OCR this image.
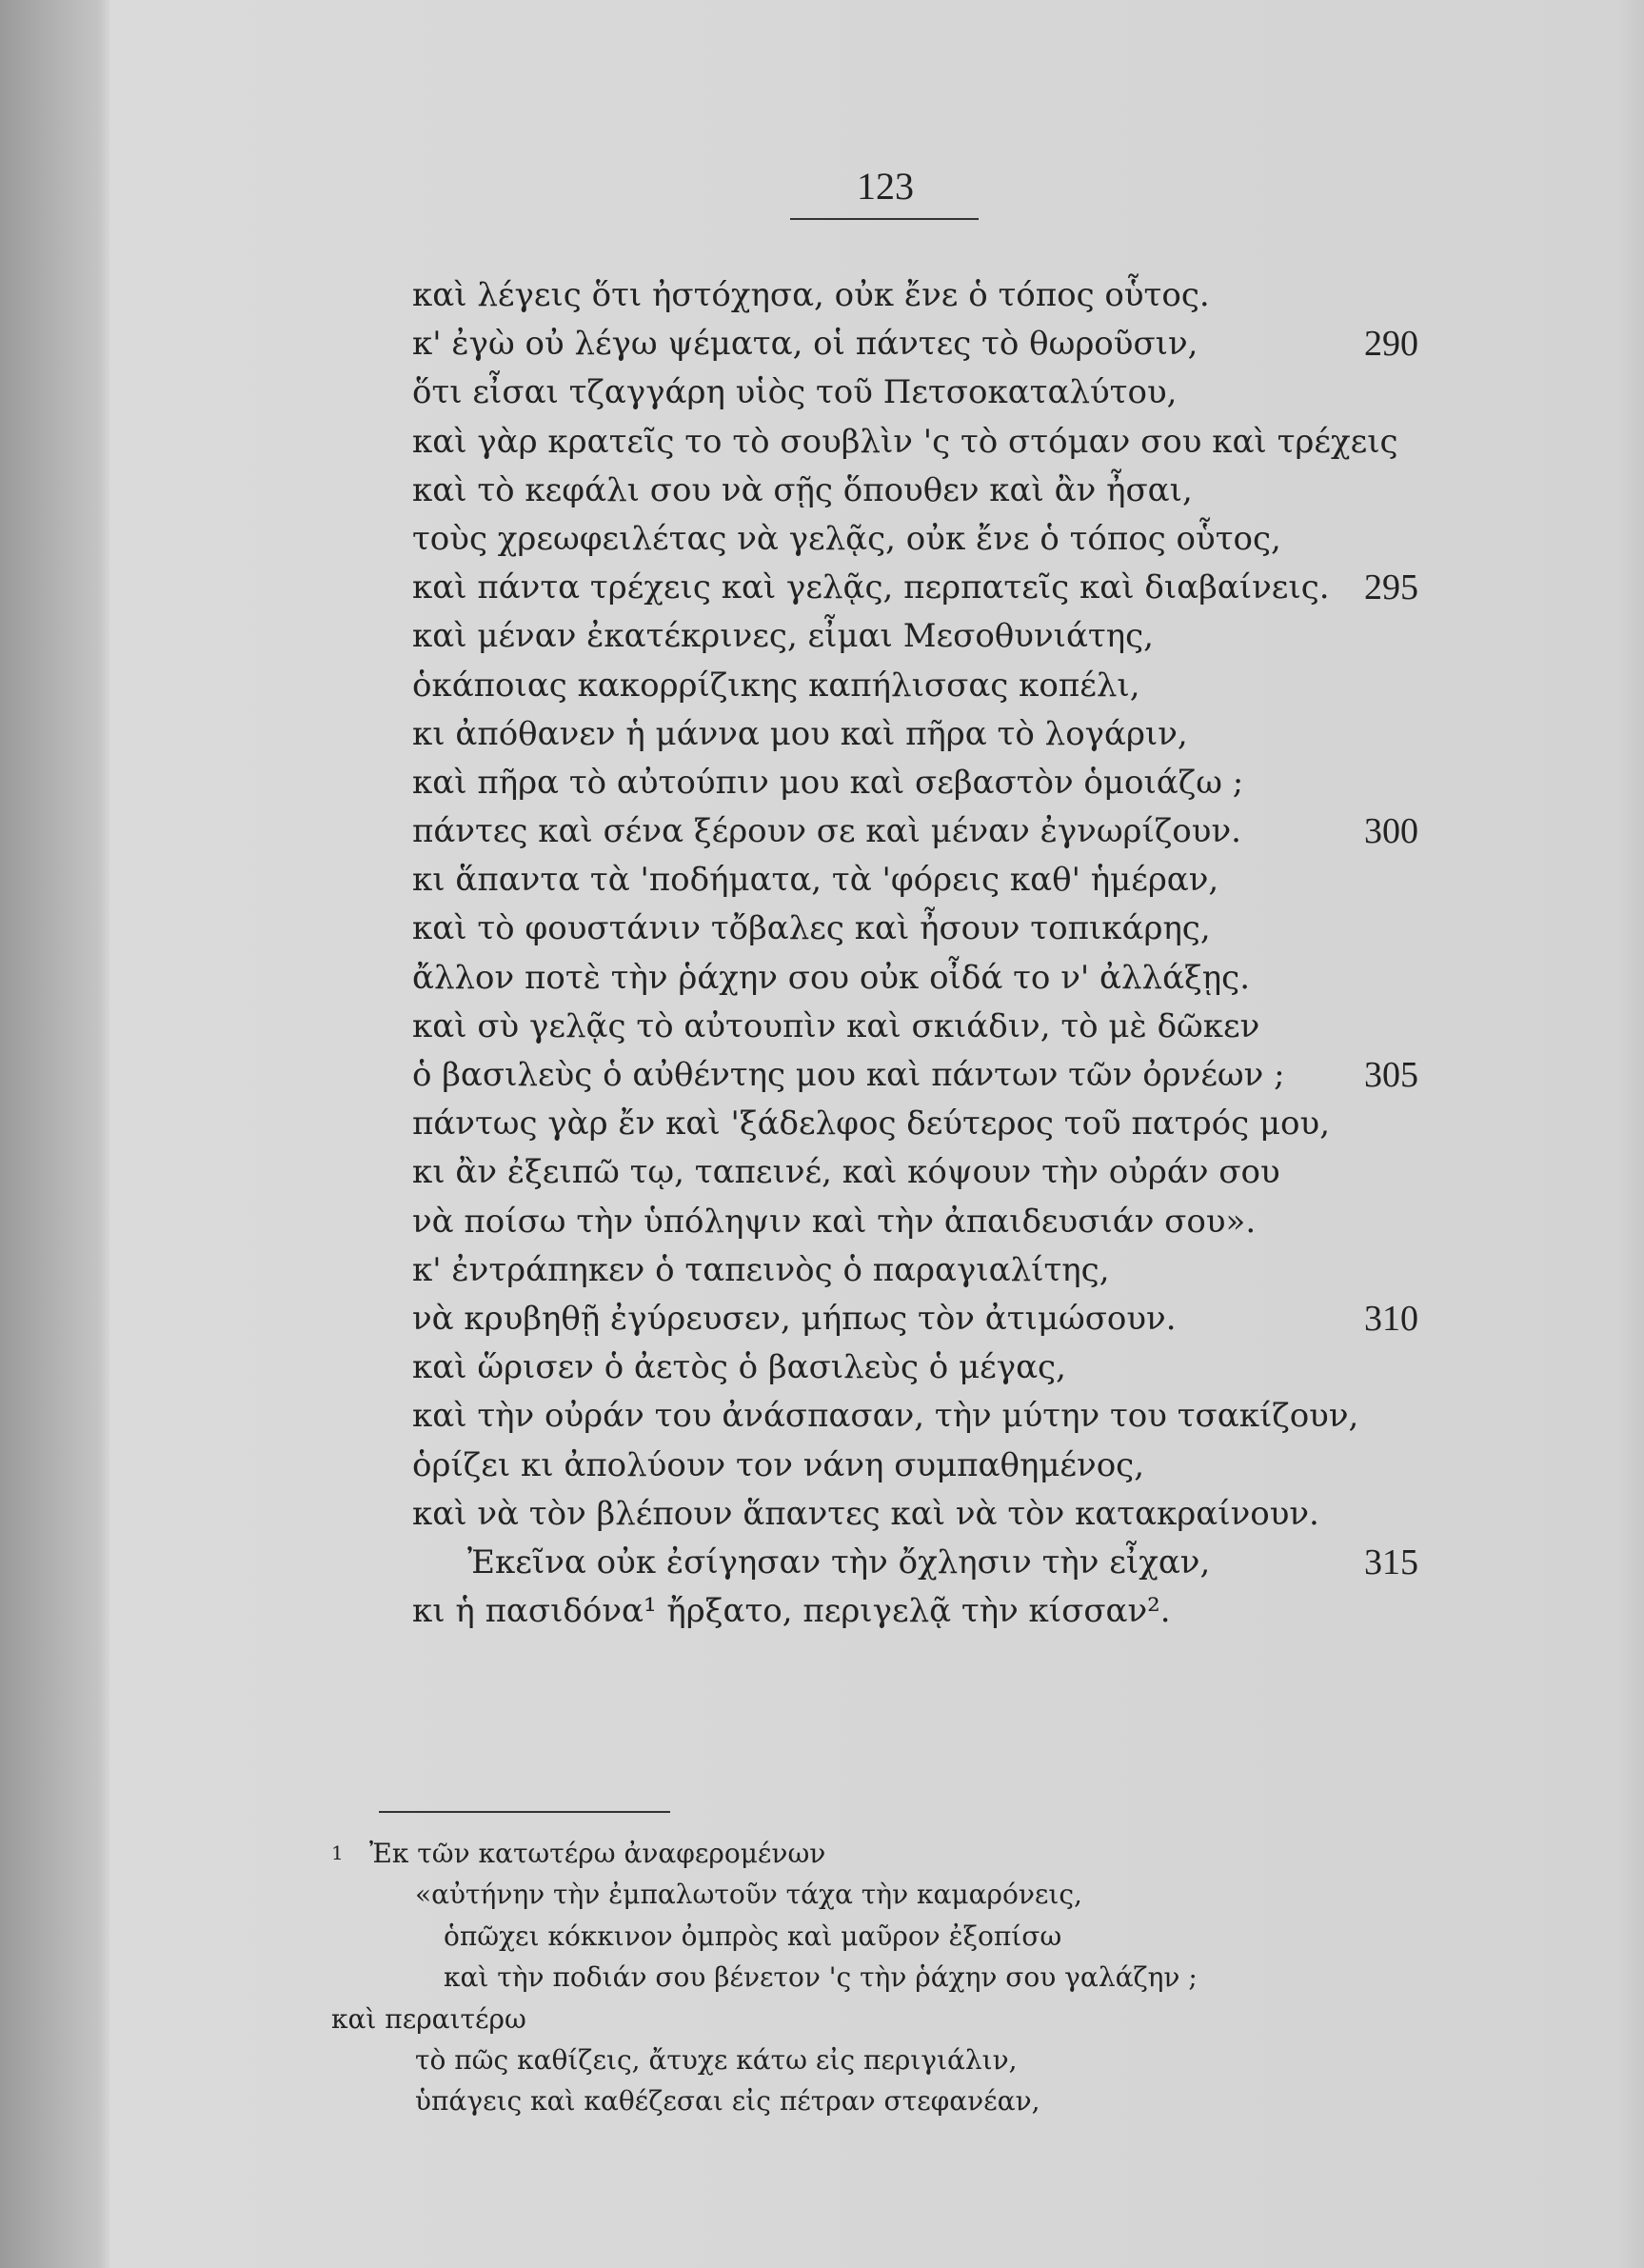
123
καὶ λέγεις ὅτι ἠστόχησα, οὐκ ἔνε ὁ τόπος οὗτος.
κ' ἐγὼ οὐ λέγω ψέματα, οἱ πάντες τὸ θωροῦσιν,	290
ὅτι εἶσαι τζαγγάρη υἱὸς τοῦ Πετσοκαταλύτου,
καὶ γὰρ κρατεῖς το τὸ σουβλὶν 'ς τὸ στόμαν σου καὶ τρέχεις
καὶ τὸ κεφάλι σου νὰ σῇς ὅπουθεν καὶ ἂν ἦσαι,
τοὺς χρεωφειλέτας νὰ γελᾷς, οὐκ ἔνε ὁ τόπος οὗτος,
καὶ πάντα τρέχεις καὶ γελᾷς, περπατεῖς καὶ διαβαίνεις. 295
καὶ μέναν ἐκατέκρινες, εἶμαι Μεσοθυνιάτης,
ὁκάποιας κακορρίζικης καπήλισσας κοπέλι,
κι ἀπόθανεν ἡ μάννα μου καὶ πῆρα τὸ λογάριν,
καὶ πῆρα τὸ αὐτούπιν μου καὶ σεβαστὸν ὁμοιάζω ;
πάντες καὶ σένα ξέρουν σε καὶ μέναν ἐγνωρίζουν.	300
κι ἅπαντα τὰ 'ποδήματα, τὰ 'φόρεις καθ' ἡμέραν,
καὶ τὸ φουστάνιν τὄβαλες καὶ ἦσουν τοπικάρης,
ἄλλον ποτὲ τὴν ῥάχην σου οὐκ οἶδά το ν' ἀλλάξῃς.
καὶ σὺ γελᾷς τὸ αὐτουπὶν καὶ σκιάδιν, τὸ μὲ δῶκεν
ὁ βασιλεὺς ὁ αὐθέντης μου καὶ πάντων τῶν ὀρνέων ; 305
πάντως γὰρ ἔν καὶ 'ξάδελφος δεύτερος τοῦ πατρός μου,
κι ἂν ἐξειπῶ τῳ, ταπεινέ, καὶ κόψουν τὴν οὐράν σου
νὰ ποίσω τὴν ὑπόληψιν καὶ τὴν ἀπαιδευσιάν σου».
κ' ἐντράπηκεν ὁ ταπεινὸς ὁ παραγιαλίτης,
νὰ κρυβηθῇ ἐγύρευσεν, μήπως τὸν ἀτιμώσουν.	310
καὶ ὥρισεν ὁ ἀετὸς ὁ βασιλεὺς ὁ μέγας,
καὶ τὴν οὐράν του ἀνάσπασαν, τὴν μύτην του τσακίζουν,
ὁρίζει κι ἀπολύουν τον νάνη συμπαθημένος,
καὶ νὰ τὸν βλέπουν ἅπαντες καὶ νὰ τὸν κατακραίνουν.
Ἐκεῖνα οὐκ ἐσίγησαν τὴν ὄχλησιν τὴν εἶχαν,	315
κι ἡ πασιδόνα¹ ἤρξατο, περιγελᾷ τὴν κίσσαν².
1 Ἐκ τῶν κατωτέρω ἀναφερομένων
«αὐτήνην τὴν ἐμπαλωτοῦν τάχα τὴν καμαρόνεις,
ὁπῶχει κόκκινον ὀμπρὸς καὶ μαῦρον ἐξοπίσω
καὶ τὴν ποδιάν σου βένετον 'ς τὴν ῥάχην σου γαλάζην ;
καὶ περαιτέρω
τὸ πῶς καθίζεις, ἄτυχε κάτω εἰς περιγιάλιν,
ὑπάγεις καὶ καθέζεσαι εἰς πέτραν στεφανέαν,
